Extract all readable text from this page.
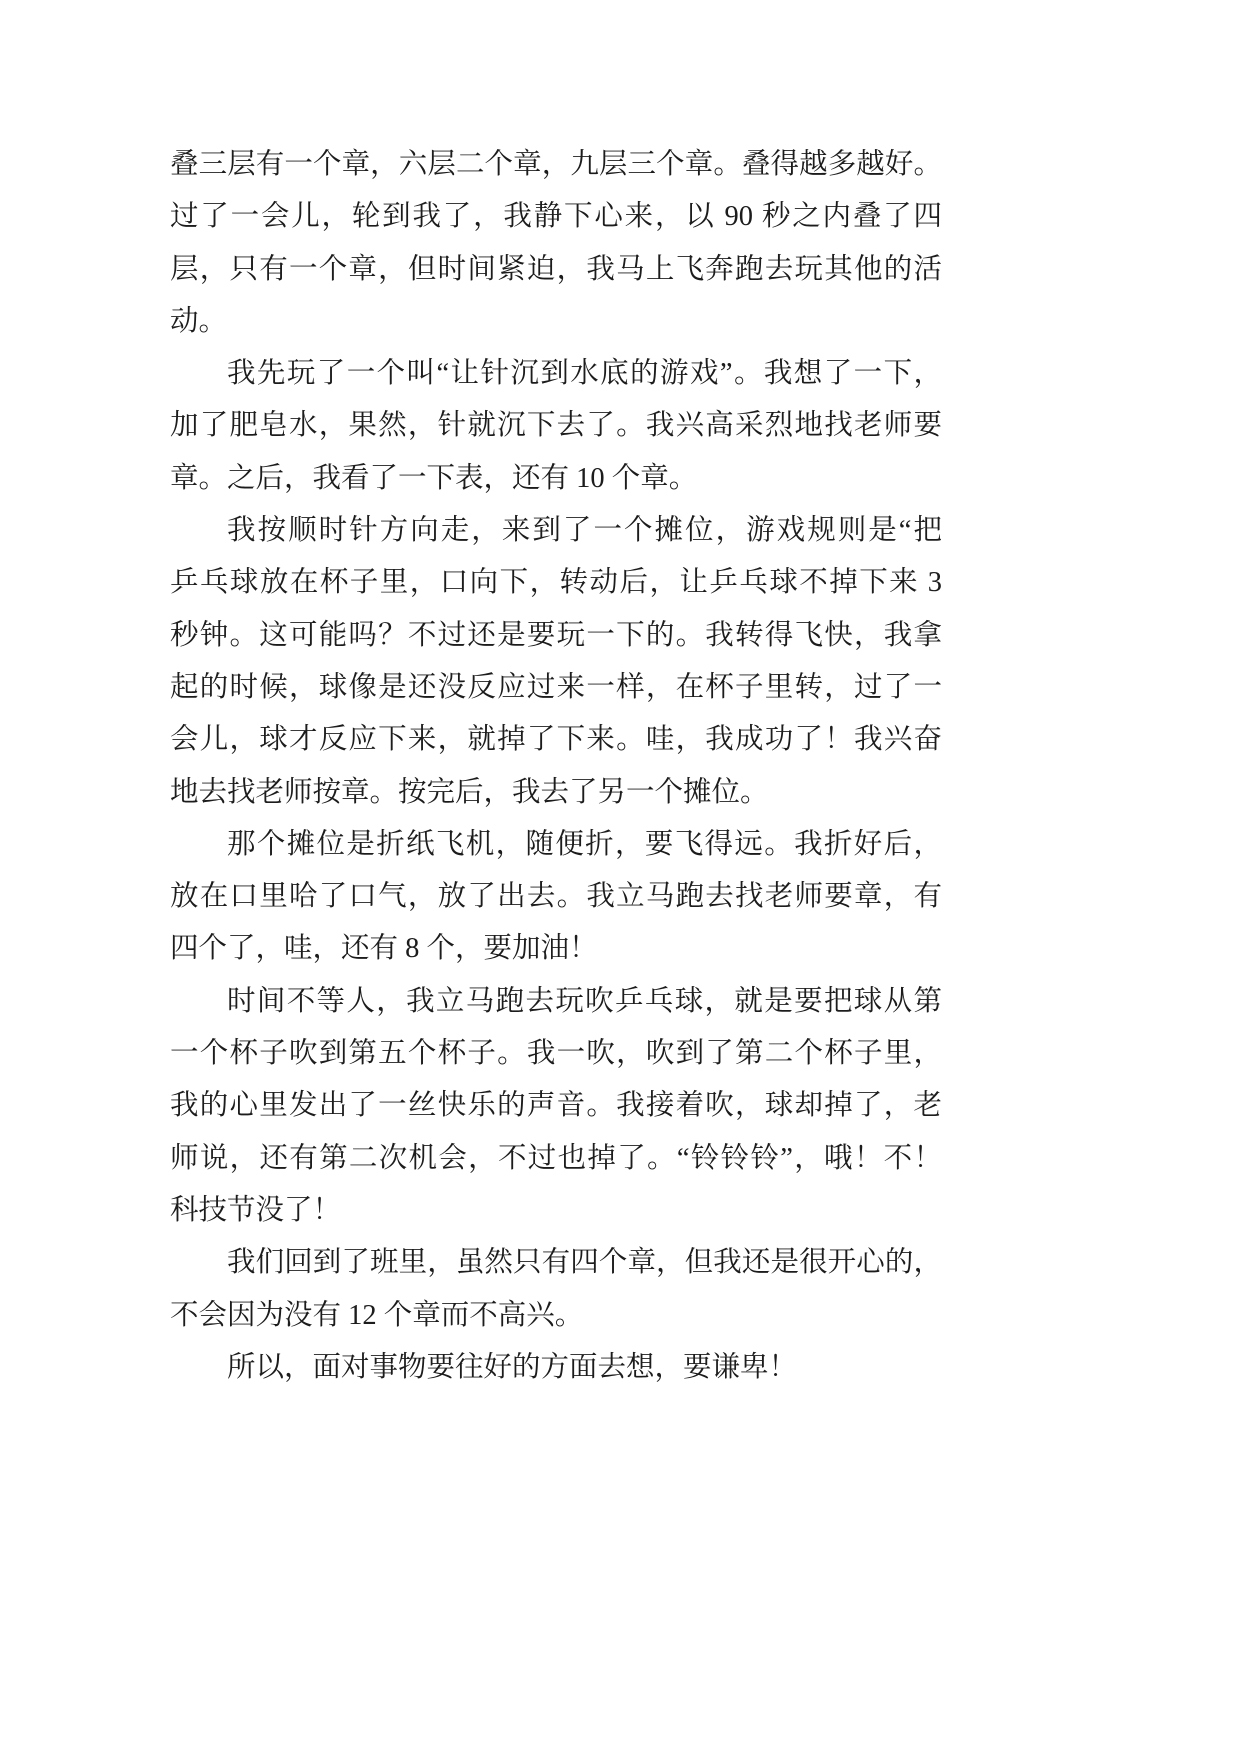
叠三层有一个章，六层二个章，九层三个章。叠得越多越好。
过了一会儿，轮到我了，我静下心来，以 90 秒之内叠了四
层，只有一个章，但时间紧迫，我马上飞奔跑去玩其他的活
动。
我先玩了一个叫“让针沉到水底的游戏”。我想了一下，
加了肥皂水，果然，针就沉下去了。我兴高采烈地找老师要
章。之后，我看了一下表，还有 10 个章。
我按顺时针方向走，来到了一个摊位，游戏规则是“把
乒乓球放在杯子里，口向下，转动后，让乒乓球不掉下来 3
秒钟。这可能吗？不过还是要玩一下的。我转得飞快，我拿
起的时候，球像是还没反应过来一样，在杯子里转，过了一
会儿，球才反应下来，就掉了下来。哇，我成功了！我兴奋
地去找老师按章。按完后，我去了另一个摊位。
那个摊位是折纸飞机，随便折，要飞得远。我折好后，
放在口里哈了口气，放了出去。我立马跑去找老师要章，有
四个了，哇，还有 8 个，要加油！
时间不等人，我立马跑去玩吹乒乓球，就是要把球从第
一个杯子吹到第五个杯子。我一吹，吹到了第二个杯子里，
我的心里发出了一丝快乐的声音。我接着吹，球却掉了，老
师说，还有第二次机会，不过也掉了。“铃铃铃”，哦！不！
科技节没了！
我们回到了班里，虽然只有四个章，但我还是很开心的，
不会因为没有 12 个章而不高兴。
所以，面对事物要往好的方面去想，要谦卑！
